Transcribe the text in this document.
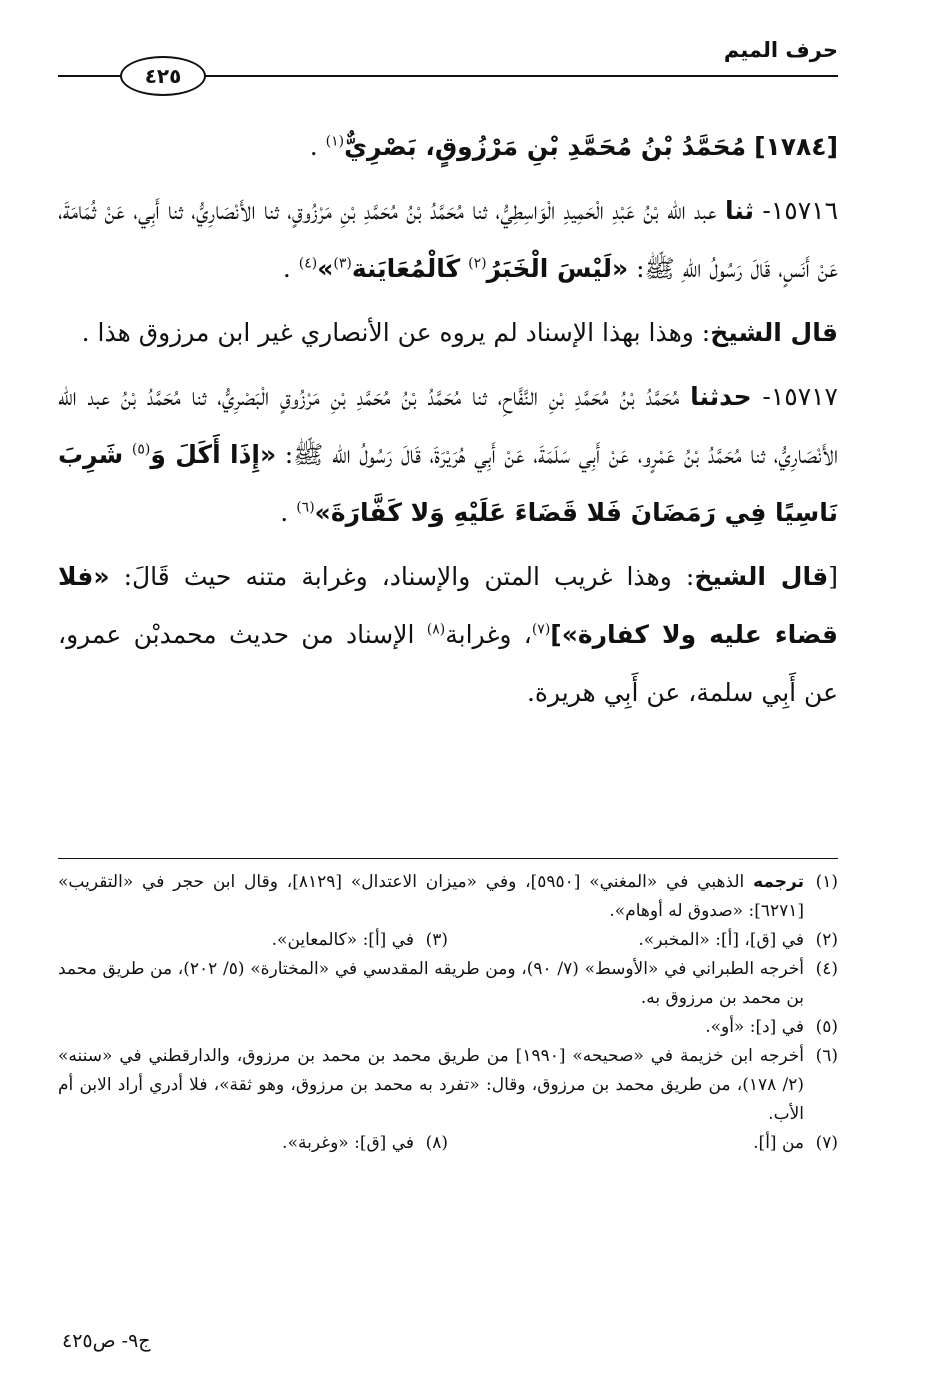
حرف الميم
٤٢٥

[١٧٨٤] مُحَمَّدُ بْنُ مُحَمَّدِ بْنِ مَرْزُوقٍ، بَصْرِيٌّ$^{(١)}$ .

١٥٧١٦- ثنا عبد الله بْنُ عَبْدِ الْحَمِيدِ الْوَاسِطِيُّ، ثنا مُحَمَّدُ بْنُ مُحَمَّدِ بْنِ مَرْزُوقٍ، ثنا الأَنْصَارِيُّ، ثنا أَبِي، عَنْ ثُمَامَةَ، عَنْ أَنَسٍ، قَالَ رَسُولُ اللهِ ﷺ: «لَيْسَ الْخَبَرُ$^{(٢)}$ كَالْمُعَايَنة$^{(٣)}$»$^{(٤)}$ .

قال الشيخ: وهذا بهذا الإسناد لم يروه عن الأنصاري غير ابن مرزوق هذا .

١٥٧١٧- حدثنا مُحَمَّدُ بْنُ مُحَمَّدِ بْنِ النَّفَّاحِ، ثنا مُحَمَّدُ بْنُ مُحَمَّدِ بْنِ مَرْزُوقٍ الْبَصْرِيُّ، ثنا مُحَمَّدُ بْنُ عبد الله الأَنْصَارِيُّ، ثنا مُحَمَّدُ بْنُ عَمْرٍو، عَنْ أَبِي سَلَمَةَ، عَنْ أَبِي هُرَيْرَةَ، قَالَ رَسُولُ الله ﷺ: «إِذَا أَكَلَ وَ$^{(٥)}$ شَرِبَ نَاسِيًا فِي رَمَضَانَ فَلا قَضَاءَ عَلَيْهِ وَلا كَفَّارَةَ»$^{(٦)}$ .

[قال الشيخ: وهذا غريب المتن والإسناد، وغرابة متنه حيث قَالَ: «فلا قضاء عليه ولا كفارة»]$^{(٧)}$، وغرابة$^{(٨)}$ الإسناد من حديث محمدبْن عمرو، عن أَبِي سلمة، عن أَبِي هريرة.

(١)
ترجمه الذهبي في «المغني» [٥٩٥٠]، وفي «ميزان الاعتدال» [٨١٢٩]، وقال ابن حجر في «التقريب» [٦٢٧١]: «صدوق له أوهام».
(٢)
في [ق]، [أ]: «المخبر».
(٣)
في [أ]: «كالمعاين».
(٤)
أخرجه الطبراني في «الأوسط» (٧/ ٩٠)، ومن طريقه المقدسي في «المختارة» (٥/ ٢٠٢)، من طريق محمد بن محمد بن مرزوق به.
(٥)
في [د]: «أو».
(٦)
أخرجه ابن خزيمة في «صحيحه» [١٩٩٠] من طريق محمد بن محمد بن مرزوق، والدارقطني في «سننه» (٢/ ١٧٨)، من طريق محمد بن مرزوق، وقال: «تفرد به محمد بن مرزوق، وهو ثقة»، فلا أدري أراد الابن أم الأب.
(٧)
من [أ].
(٨)
في [ق]: «وغربة».
ج٩- ص٤٢٥
